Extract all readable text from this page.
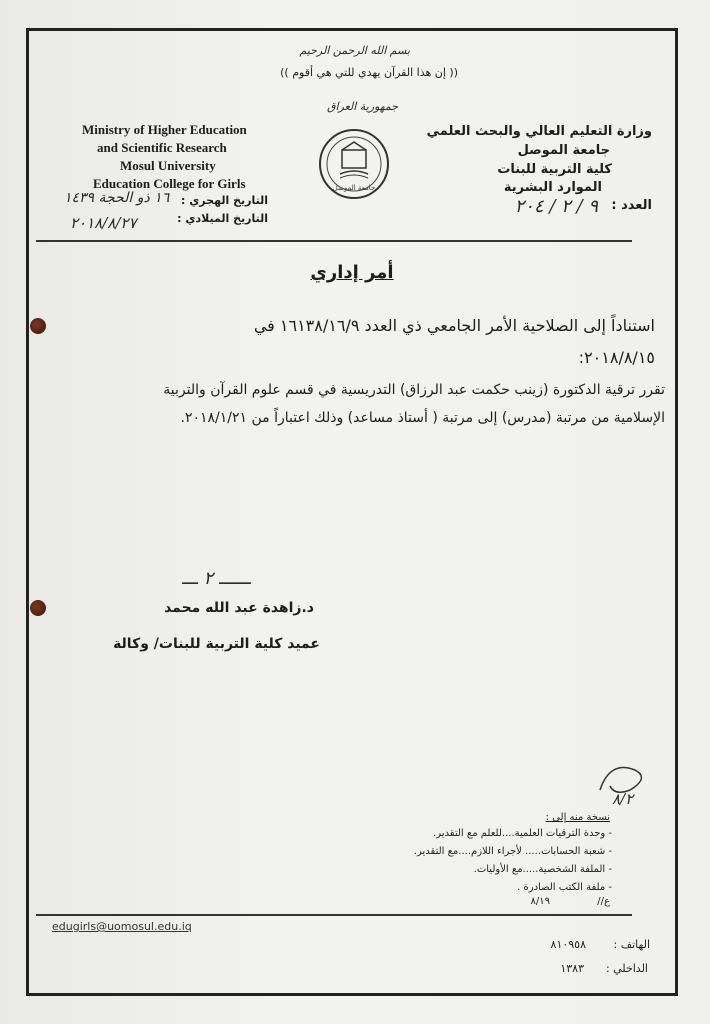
بسم الله الرحمن الرحيم
(( إن هذا القرآن يهدي للتي هي أقوم ))
جمهورية العراق
Ministry of Higher Education
and Scientific Research
Mosul University
Education College for Girls
التاريخ الهجري :
١٦ ذو الحجة ١٤٣٩
التاريخ الميلادي :
٢٠١٨/٨/٢٧
جامعة الموصل
وزارة التعليم العالي والبحث العلمي
جامعة الموصل
كلية التربية للبنات
الموارد البشرية
العدد :
٩ / ٢ / ٢٠٤
أمر إداري
استناداً إلى الصلاحية الأمر الجامعي ذي العدد ١٦١٣٨/١٦/٩ في
٢٠١٨/٨/١٥:
تقرر ترقية الدكتورة (زينب حكمت عبد الرزاق) التدريسية في قسم علوم القرآن والتربية
الإسلامية من مرتبة (مدرس) إلى مرتبة ( أستاذ مساعد) وذلك اعتباراً من ٢٠١٨/١/٢١.
ــــــ ٢ ـــ
د.زاهدة عبد الله محمد
عميد كلية التربية للبنات/ وكالة
٨/٢
نسخة منه إلى :
- وحدة الترقيات العلمية....للعلم مع التقدير.
- شعبة الحسابات..... لأجراء اللازم....مع التقدير.
- الملفة الشخصية.....مع الأوليات.
- ملفة الكتب الصادرة .
ع//
٨/١٩
edugirls@uomosul.edu.iq
الهاتف :
٨١٠٩٥٨
الداخلي :
١٣٨٣
